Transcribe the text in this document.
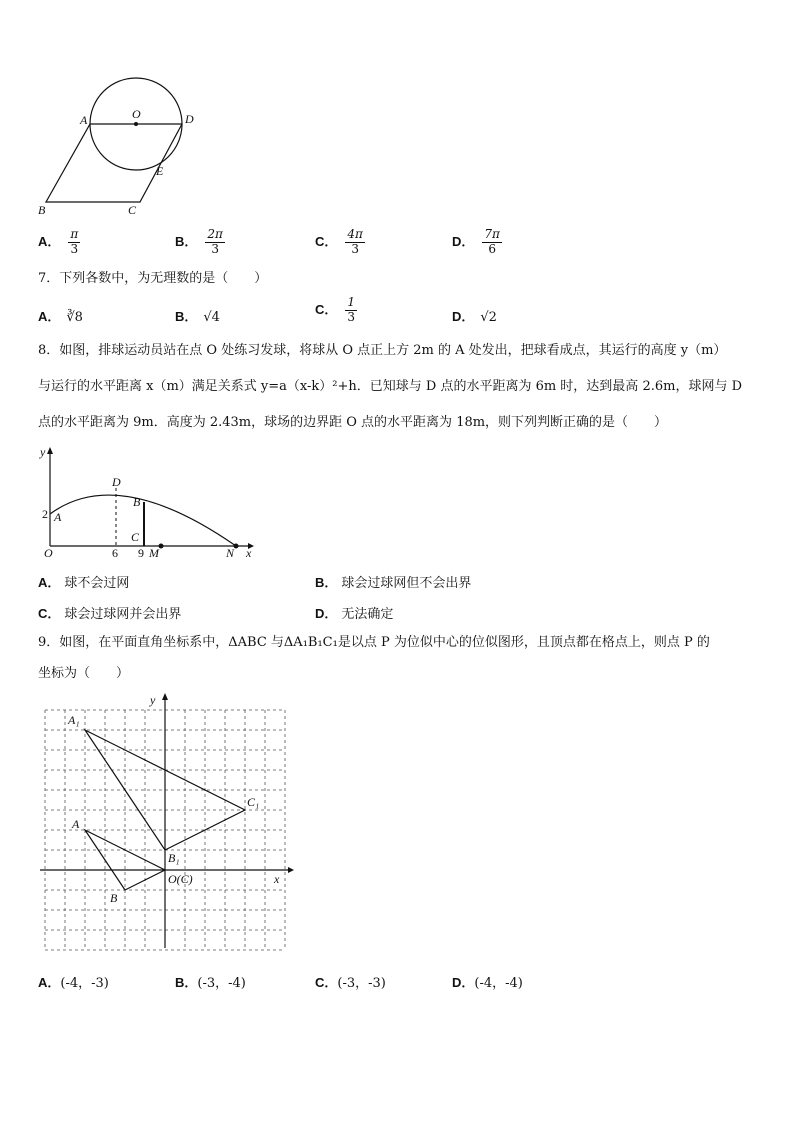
O
A	D
E
B	C
A． $\frac{\pi}{3}$	B． $\frac{2\pi}{3}$	C． $\frac{4\pi}{3}$	D． $\frac{7\pi}{6}$
7．下列各数中，为无理数的是（　　）
A． ∛8	B． √4
C． $\frac{1}{3}$	D． √2
8．如图，排球运动员站在点 O 处练习发球，将球从 O 点正上方 2m 的 A 处发出，把球看成点，其运行的高度 y（m）
与运行的水平距离 x（m）满足关系式 y=a（x-k）²+h．已知球与 D 点的水平距离为 6m 时，达到最高 2.6m，球网与 D
点的水平距离为 9m．高度为 2.43m，球场的边界距 O 点的水平距离为 18m，则下列判断正确的是（　　）
y
x
D
B
A
2
C
O	6 9 M	N
A． 球不会过网	B． 球会过球网但不会出界
C． 球会过球网并会出界	D． 无法确定
9．如图，在平面直角坐标系中，ΔABC 与ΔA₁B₁C₁是以点 P 为位似中心的位似图形，且顶点都在格点上，则点 P 的
坐标为（　　）
y
x
A₁
C₁
A
B₁
O(C)
B
A．(-4，-3)	B．(-3，-4)	C．(-3，-3)	D．(-4，-4)
